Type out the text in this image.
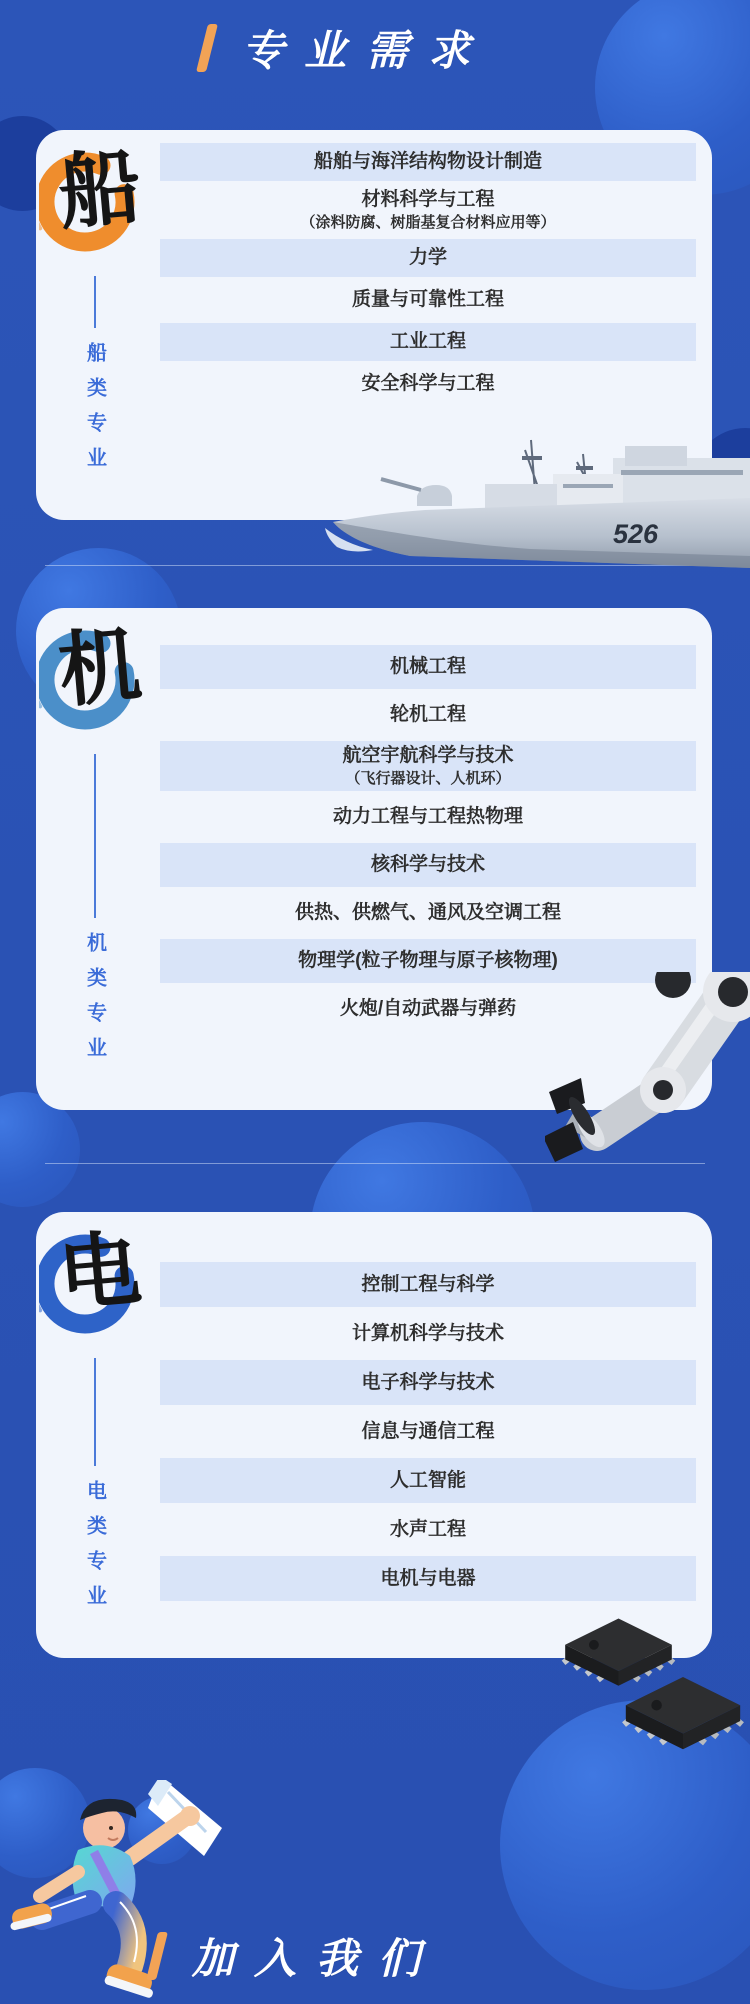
专业需求
船
船类专业
船舶与海洋结构物设计制造
材料科学与工程
（涂料防腐、树脂基复合材料应用等）
力学
质量与可靠性工程
工业工程
安全科学与工程
机
机类专业
机械工程
轮机工程
航空宇航科学与技术
（飞行器设计、人机环）
动力工程与工程热物理
核科学与技术
供热、供燃气、通风及空调工程
物理学(粒子物理与原子核物理)
火炮/自动武器与弹药
电
电类专业
控制工程与科学
计算机科学与技术
电子科学与技术
信息与通信工程
人工智能
水声工程
电机与电器
526
加入我们
